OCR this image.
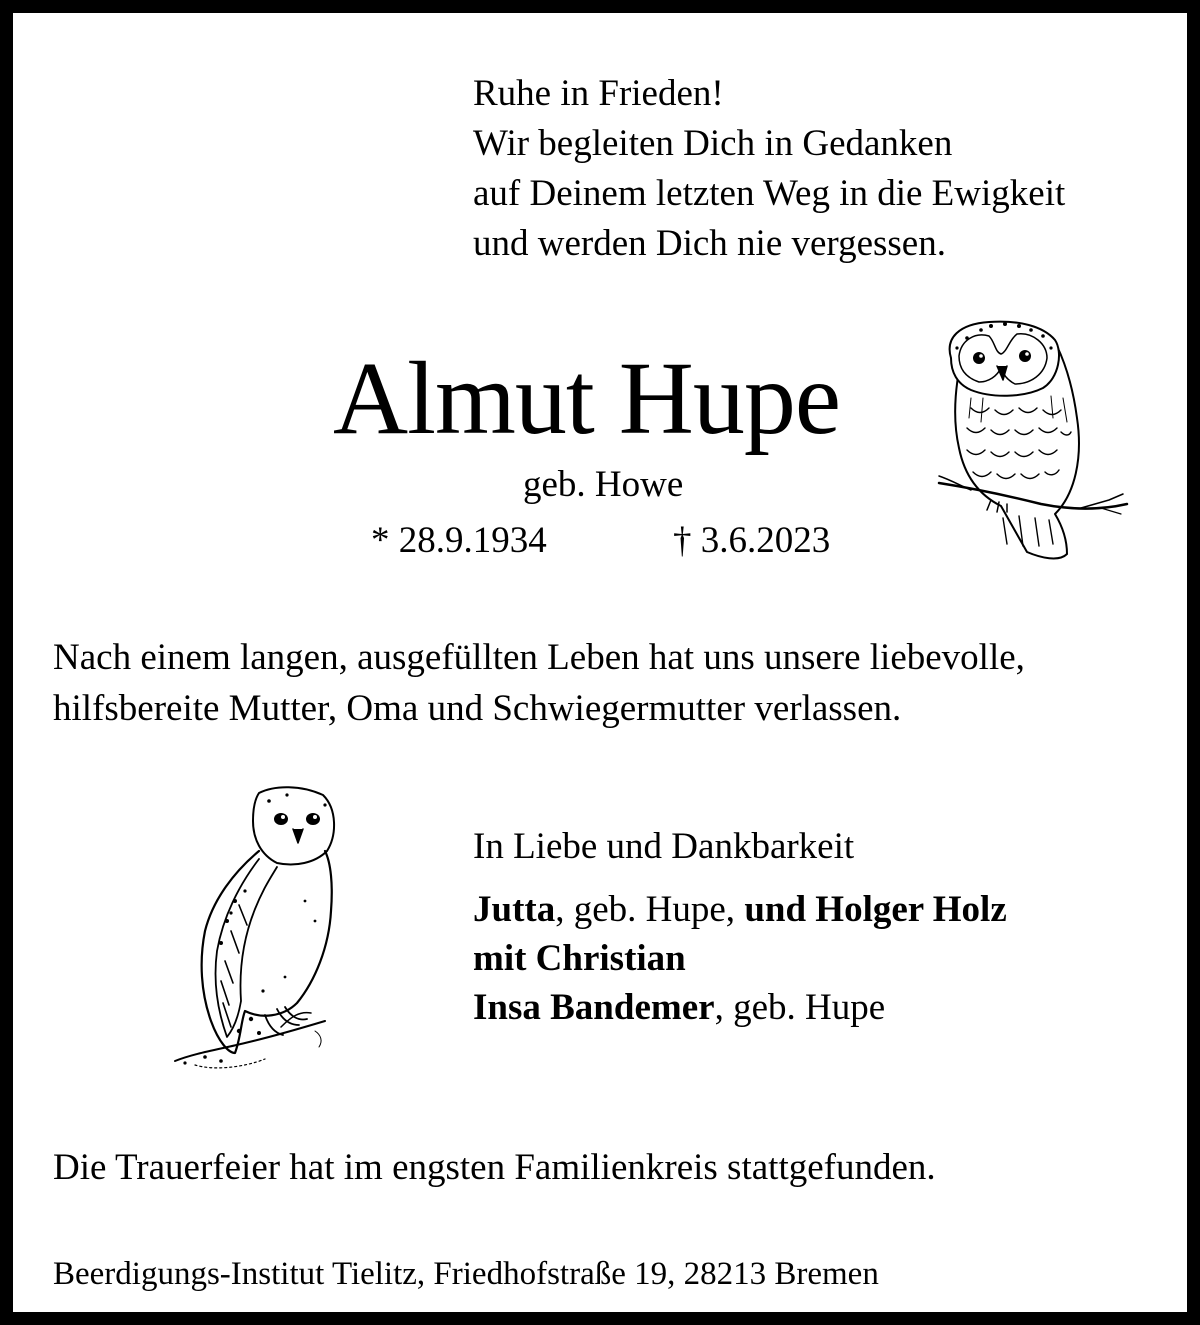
Ruhe in Frieden!
Wir begleiten Dich in Gedanken
auf Deinem letzten Weg in die Ewigkeit
und werden Dich nie vergessen.
Almut Hupe
geb. Howe
* 28.9.1934	† 3.6.2023
Nach einem langen, ausgefüllten Leben hat uns unsere liebevolle,
hilfsbereite Mutter, Oma und Schwiegermutter verlassen.
In Liebe und Dankbarkeit
Jutta, geb. Hupe, und Holger Holz
mit Christian
Insa Bandemer, geb. Hupe
Die Trauerfeier hat im engsten Familienkreis stattgefunden.
Beerdigungs-Institut Tielitz, Friedhofstraße 19, 28213 Bremen
